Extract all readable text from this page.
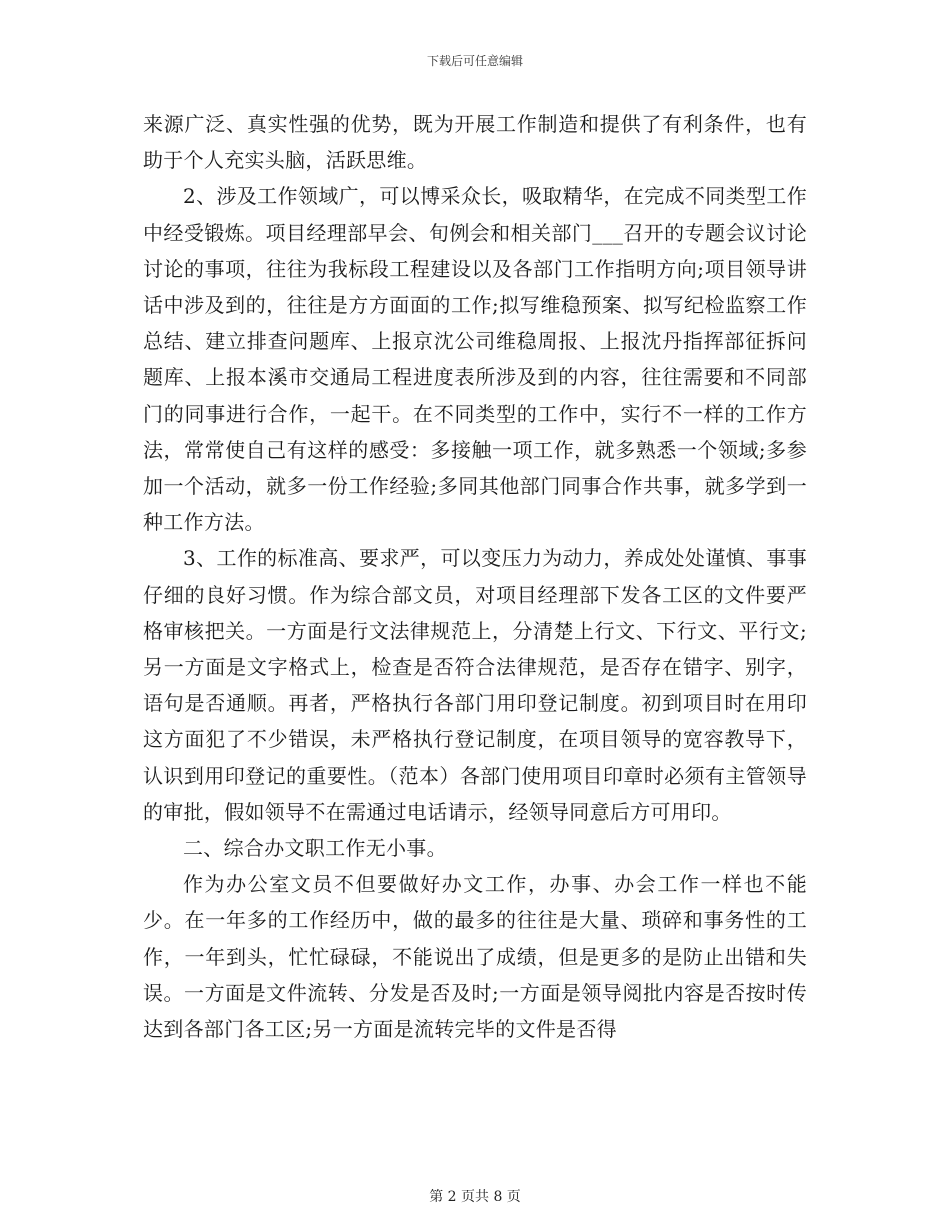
下载后可任意编辑

来源广泛、真实性强的优势，既为开展工作制造和提供了有利条件，也有助于个人充实头脑，活跃思维。

2、涉及工作领域广，可以博采众长，吸取精华，在完成不同类型工作中经受锻炼。项目经理部早会、旬例会和相关部门___召开的专题会议讨论讨论的事项，往往为我标段工程建设以及各部门工作指明方向;项目领导讲话中涉及到的，往往是方方面面的工作;拟写维稳预案、拟写纪检监察工作总结、建立排查问题库、上报京沈公司维稳周报、上报沈丹指挥部征拆问题库、上报本溪市交通局工程进度表所涉及到的内容，往往需要和不同部门的同事进行合作，一起干。在不同类型的工作中，实行不一样的工作方法，常常使自己有这样的感受：多接触一项工作，就多熟悉一个领域;多参加一个活动，就多一份工作经验;多同其他部门同事合作共事，就多学到一种工作方法。

3、工作的标准高、要求严，可以变压力为动力，养成处处谨慎、事事仔细的良好习惯。作为综合部文员，对项目经理部下发各工区的文件要严格审核把关。一方面是行文法律规范上，分清楚上行文、下行文、平行文;另一方面是文字格式上，检查是否符合法律规范，是否存在错字、别字，语句是否通顺。再者，严格执行各部门用印登记制度。初到项目时在用印这方面犯了不少错误，未严格执行登记制度，在项目领导的宽容教导下，认识到用印登记的重要性。（范本）各部门使用项目印章时必须有主管领导的审批，假如领导不在需通过电话请示，经领导同意后方可用印。

二、综合办文职工作无小事。

作为办公室文员不但要做好办文工作，办事、办会工作一样也不能少。在一年多的工作经历中，做的最多的往往是大量、琐碎和事务性的工作，一年到头，忙忙碌碌，不能说出了成绩，但是更多的是防止出错和失误。一方面是文件流转、分发是否及时;一方面是领导阅批内容是否按时传达到各部门各工区;另一方面是流转完毕的文件是否得

第 2 页共 8 页
